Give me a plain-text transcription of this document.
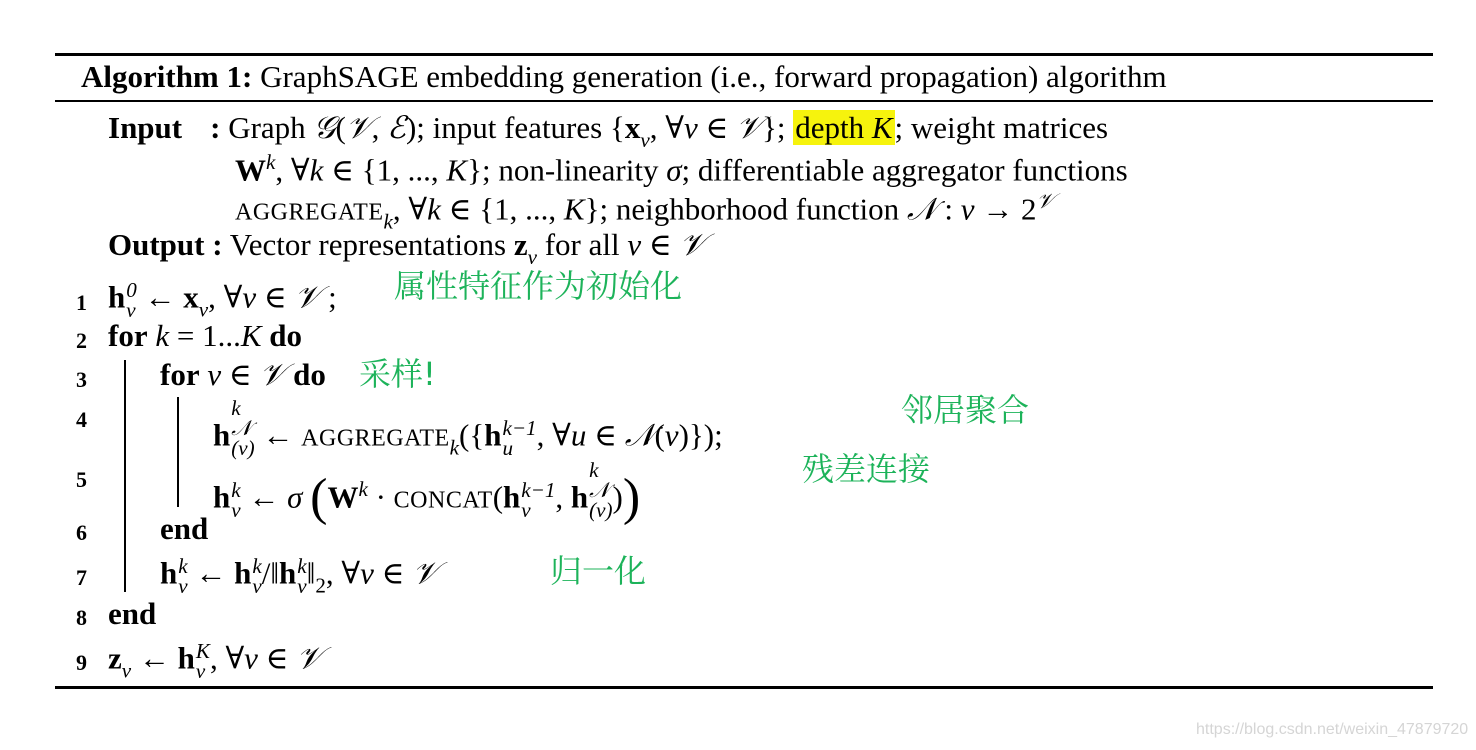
Algorithm 1: GraphSAGE embedding generation (i.e., forward propagation) algorithm
Input : Graph 𝒢(𝒱, ℰ); input features {$x_v$, ∀v ∈ 𝒱}; depth K; weight matrices
$W^k$, ∀k ∈ {1, ..., K}; non-linearity σ; differentiable aggregator functions
$AGGREGATE_k$, ∀k ∈ {1, ..., K}; neighborhood function 𝒩 : $v \to 2^𝒱$
Output : Vector representations $z_v$ for all v ∈ 𝒱
1
2
3
4
5
6
7
8
9
h 0
v ← $x_v$, ∀v ∈ 𝒱 ; 属性特征作为初始化
for k = 1...K do
for v ∈ 𝒱 do 采样!
h
k
𝒩
(v) ← $AGGREGATE_k(\{h$ k−1
u , ∀u ∈ 𝒩(v)});
邻居聚合
h k
v ← σ ($W^k$ · CONCAT(h k−1
v , h
k
𝒩
(v) ))	残差连接
end
h k
v ← h k
v /‖h k
v $‖_2$, ∀v ∈ 𝒱	归一化
end
$z_v$ ← h K
v , ∀v ∈ 𝒱
https://blog.csdn.net/weixin_47879720
